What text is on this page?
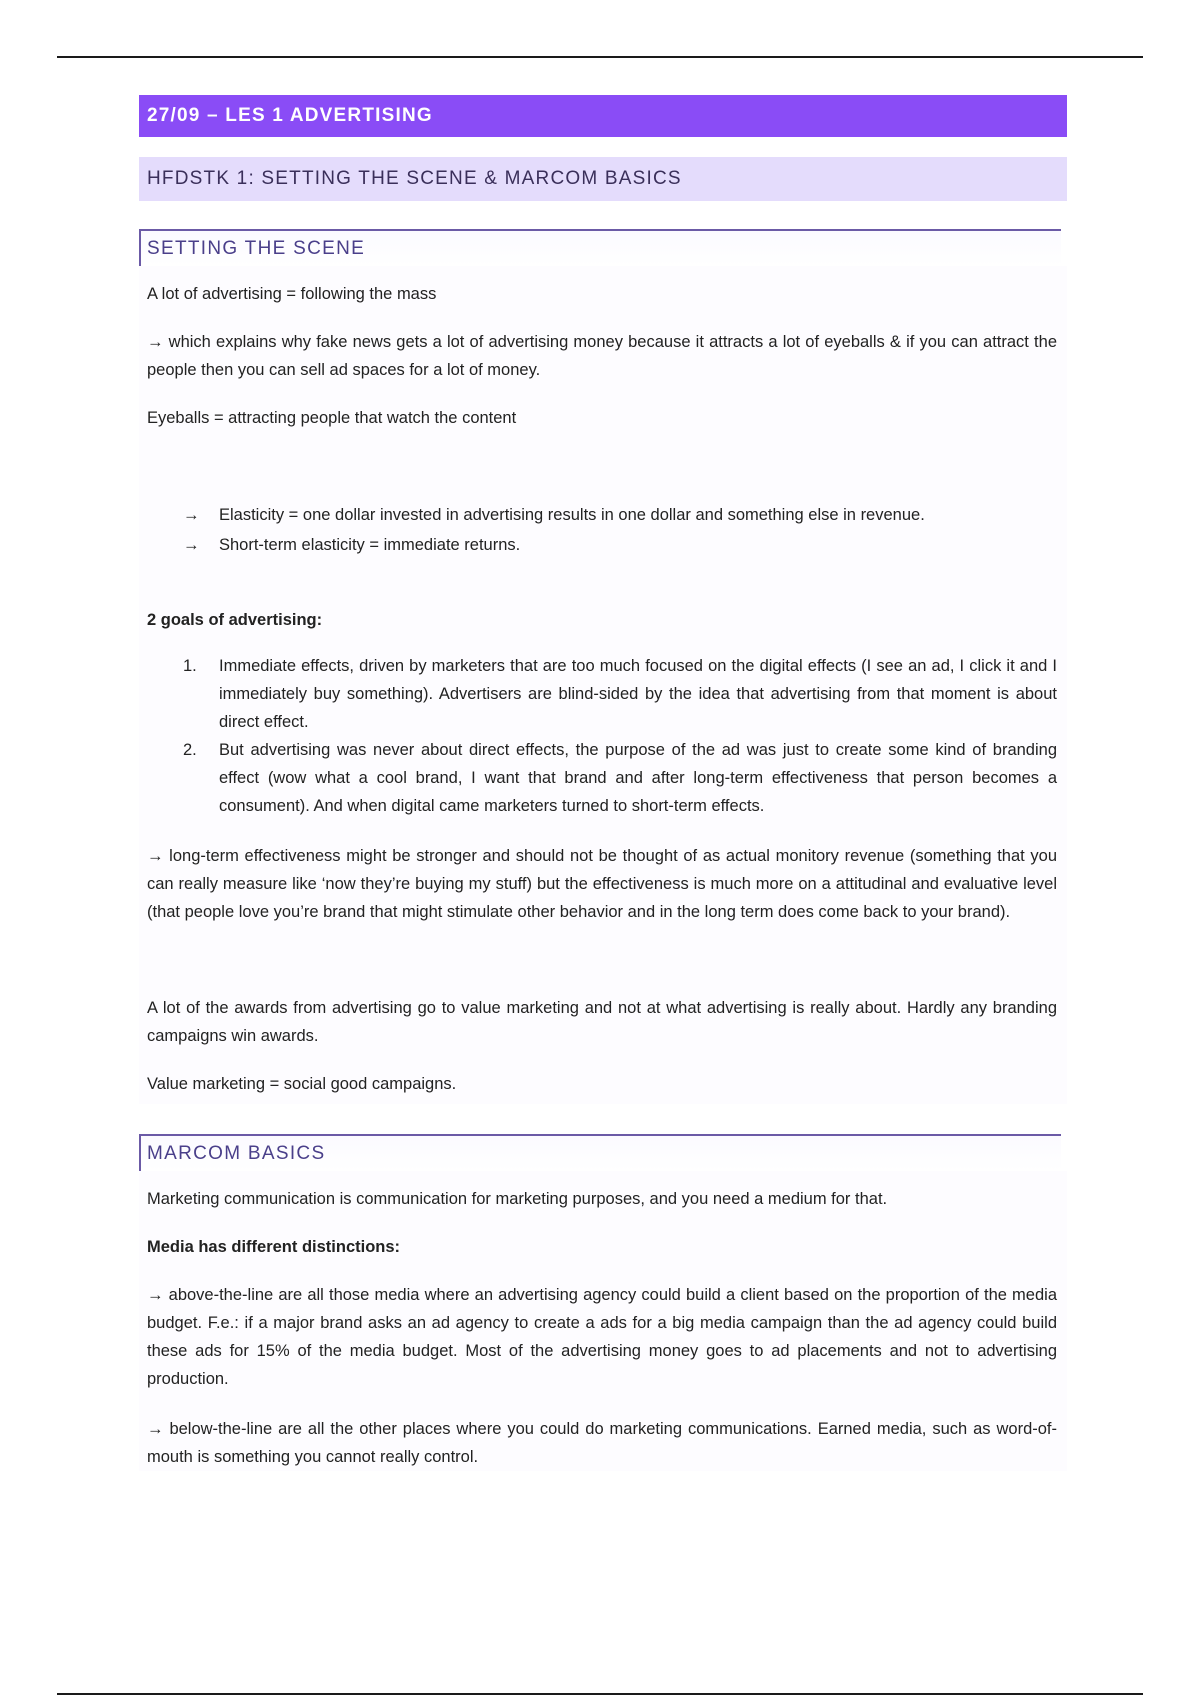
27/09 – LES 1 ADVERTISING
HFDSTK 1: SETTING THE SCENE & MARCOM BASICS
SETTING THE SCENE

A lot of advertising = following the mass

→ which explains why fake news gets a lot of advertising money because it attracts a lot of eyeballs & if you can attract the people then you can sell ad spaces for a lot of money.

Eyeballs = attracting people that watch the content

→ Elasticity = one dollar invested in advertising results in one dollar and something else in revenue.
→ Short-term elasticity = immediate returns.

2 goals of advertising:

1. Immediate effects, driven by marketers that are too much focused on the digital effects (I see an ad, I click it and I immediately buy something). Advertisers are blind-sided by the idea that advertising from that moment is about direct effect.
2. But advertising was never about direct effects, the purpose of the ad was just to create some kind of branding effect (wow what a cool brand, I want that brand and after long-term effectiveness that person becomes a consument). And when digital came marketers turned to short-term effects.

→ long-term effectiveness might be stronger and should not be thought of as actual monitory revenue (something that you can really measure like ‘now they’re buying my stuff) but the effectiveness is much more on a attitudinal and evaluative level (that people love you’re brand that might stimulate other behavior and in the long term does come back to your brand).

A lot of the awards from advertising go to value marketing and not at what advertising is really about. Hardly any branding campaigns win awards.

Value marketing = social good campaigns.

MARCOM BASICS

Marketing communication is communication for marketing purposes, and you need a medium for that.

Media has different distinctions:

→ above-the-line are all those media where an advertising agency could build a client based on the proportion of the media budget. F.e.: if a major brand asks an ad agency to create a ads for a big media campaign than the ad agency could build these ads for 15% of the media budget. Most of the advertising money goes to ad placements and not to advertising production.

→ below-the-line are all the other places where you could do marketing communications. Earned media, such as word-of-mouth is something you cannot really control.
